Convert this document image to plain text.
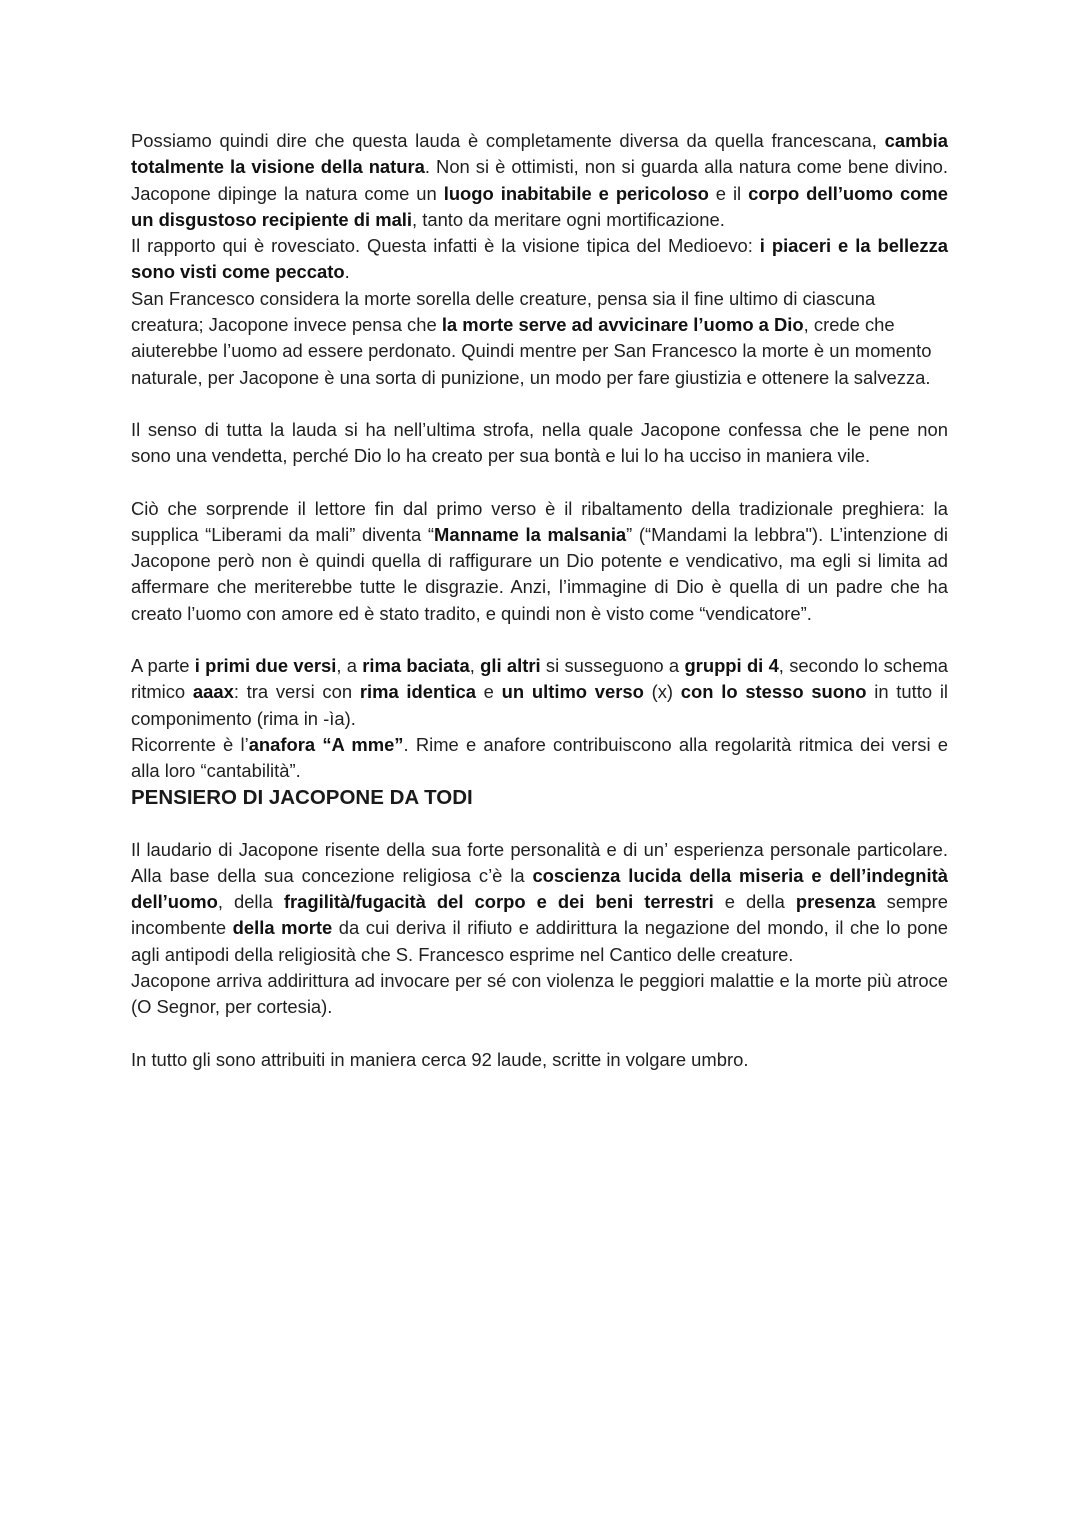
Possiamo quindi dire che questa lauda è completamente diversa da quella francescana, cambia totalmente la visione della natura. Non si è ottimisti, non si guarda alla natura come bene divino. Jacopone dipinge la natura come un luogo inabitabile e pericoloso e il corpo dell’uomo come un disgustoso recipiente di mali, tanto da meritare ogni mortificazione.

Il rapporto qui è rovesciato. Questa infatti è la visione tipica del Medioevo: i piaceri e la bellezza sono visti come peccato.

San Francesco considera la morte sorella delle creature, pensa sia il fine ultimo di ciascuna creatura; Jacopone invece pensa che la morte serve ad avvicinare l’uomo a Dio, crede che aiuterebbe l’uomo ad essere perdonato. Quindi mentre per San Francesco la morte è un momento naturale, per Jacopone è una sorta di punizione, un modo per fare giustizia e ottenere la salvezza.

Il senso di tutta la lauda si ha nell’ultima strofa, nella quale Jacopone confessa che le pene non sono una vendetta, perché Dio lo ha creato per sua bontà e lui lo ha ucciso in maniera vile.

Ciò che sorprende il lettore fin dal primo verso è il ribaltamento della tradizionale preghiera: la supplica “Liberami da mali” diventa “Manname la malsania” (“Mandami la lebbra"). L’intenzione di Jacopone però non è quindi quella di raffigurare un Dio potente e vendicativo, ma egli si limita ad affermare che meriterebbe tutte le disgrazie. Anzi, l’immagine di Dio è quella di un padre che ha creato l’uomo con amore ed è stato tradito, e quindi non è visto come “vendicatore”.

A parte i primi due versi, a rima baciata, gli altri si susseguono a gruppi di 4, secondo lo schema ritmico aaax: tra versi con rima identica e un ultimo verso (x) con lo stesso suono in tutto il componimento (rima in -ìa).

Ricorrente è l’anafora “A mme”. Rime e anafore contribuiscono alla regolarità ritmica dei versi e alla loro “cantabilità”.

PENSIERO DI JACOPONE DA TODI

Il laudario di Jacopone risente della sua forte personalità e di un’ esperienza personale particolare. Alla base della sua concezione religiosa c’è la coscienza lucida della miseria e dell’indegnità dell’uomo, della fragilità/fugacità del corpo e dei beni terrestri e della presenza sempre incombente della morte da cui deriva il rifiuto e addirittura la negazione del mondo, il che lo pone agli antipodi della religiosità che S. Francesco esprime nel Cantico delle creature.

Jacopone arriva addirittura ad invocare per sé con violenza le peggiori malattie e la morte più atroce (O Segnor, per cortesia).

In tutto gli sono attribuiti in maniera cerca 92 laude, scritte in volgare umbro.
